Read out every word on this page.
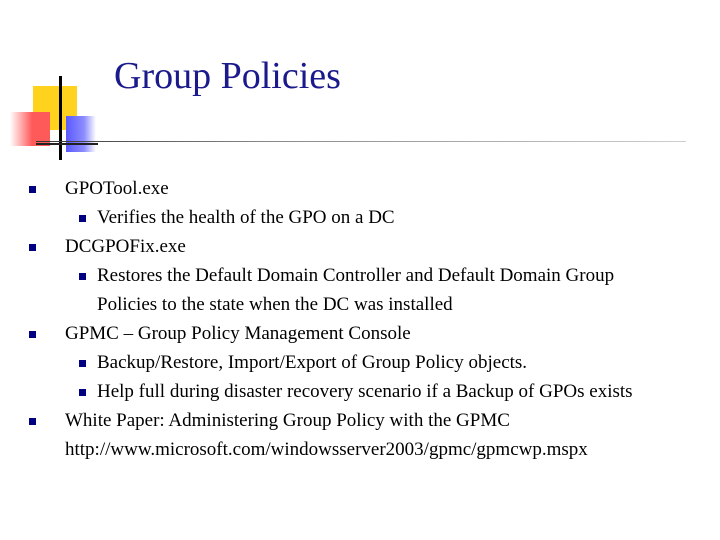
Group Policies
GPOTool.exe
Verifies the health of the GPO on a DC
DCGPOFix.exe
Restores the Default Domain Controller and Default Domain Group
Policies to the state when the DC was installed
GPMC – Group Policy Management Console
Backup/Restore, Import/Export of Group Policy objects.
Help full during disaster recovery scenario if a Backup of GPOs exists
White Paper: Administering Group Policy with the GPMC
http://www.microsoft.com/windowsserver2003/gpmc/gpmcwp.mspx
